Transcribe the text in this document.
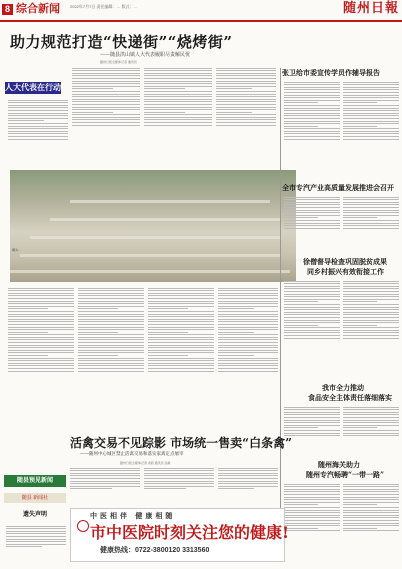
8 综合新闻	2022年7月7日 责任编辑：… 版式：…	随州日報
助力规范打造“快递街”“烧烤街”
——随县洪山镇人大代表履职尽责解民忧
随州日报全媒体记者 通讯员
人大代表在行动
图为…
张卫给市委宣传学员作辅导报告
全市专汽产业高质量发展推进会召开
徐僧督导检查巩固脱贫成果
同乡村振兴有效衔接工作
我市全力推动
食品安全主体责任落细落实
随州海关助力
随州专汽畅聘“一带一路”
活禽交易不见踪影 市场统一售卖“白条禽”
——随州中心城区禁止活禽交易和落实家禽定点屠宰
随州日报全媒体记者 余毅 通讯员 张敏
随县预见新闻
随县 新闻社
遗失声明	中医相伴 健康相随
市中医院时刻关注您的健康!
健康热线：0722-3800120 3313560
